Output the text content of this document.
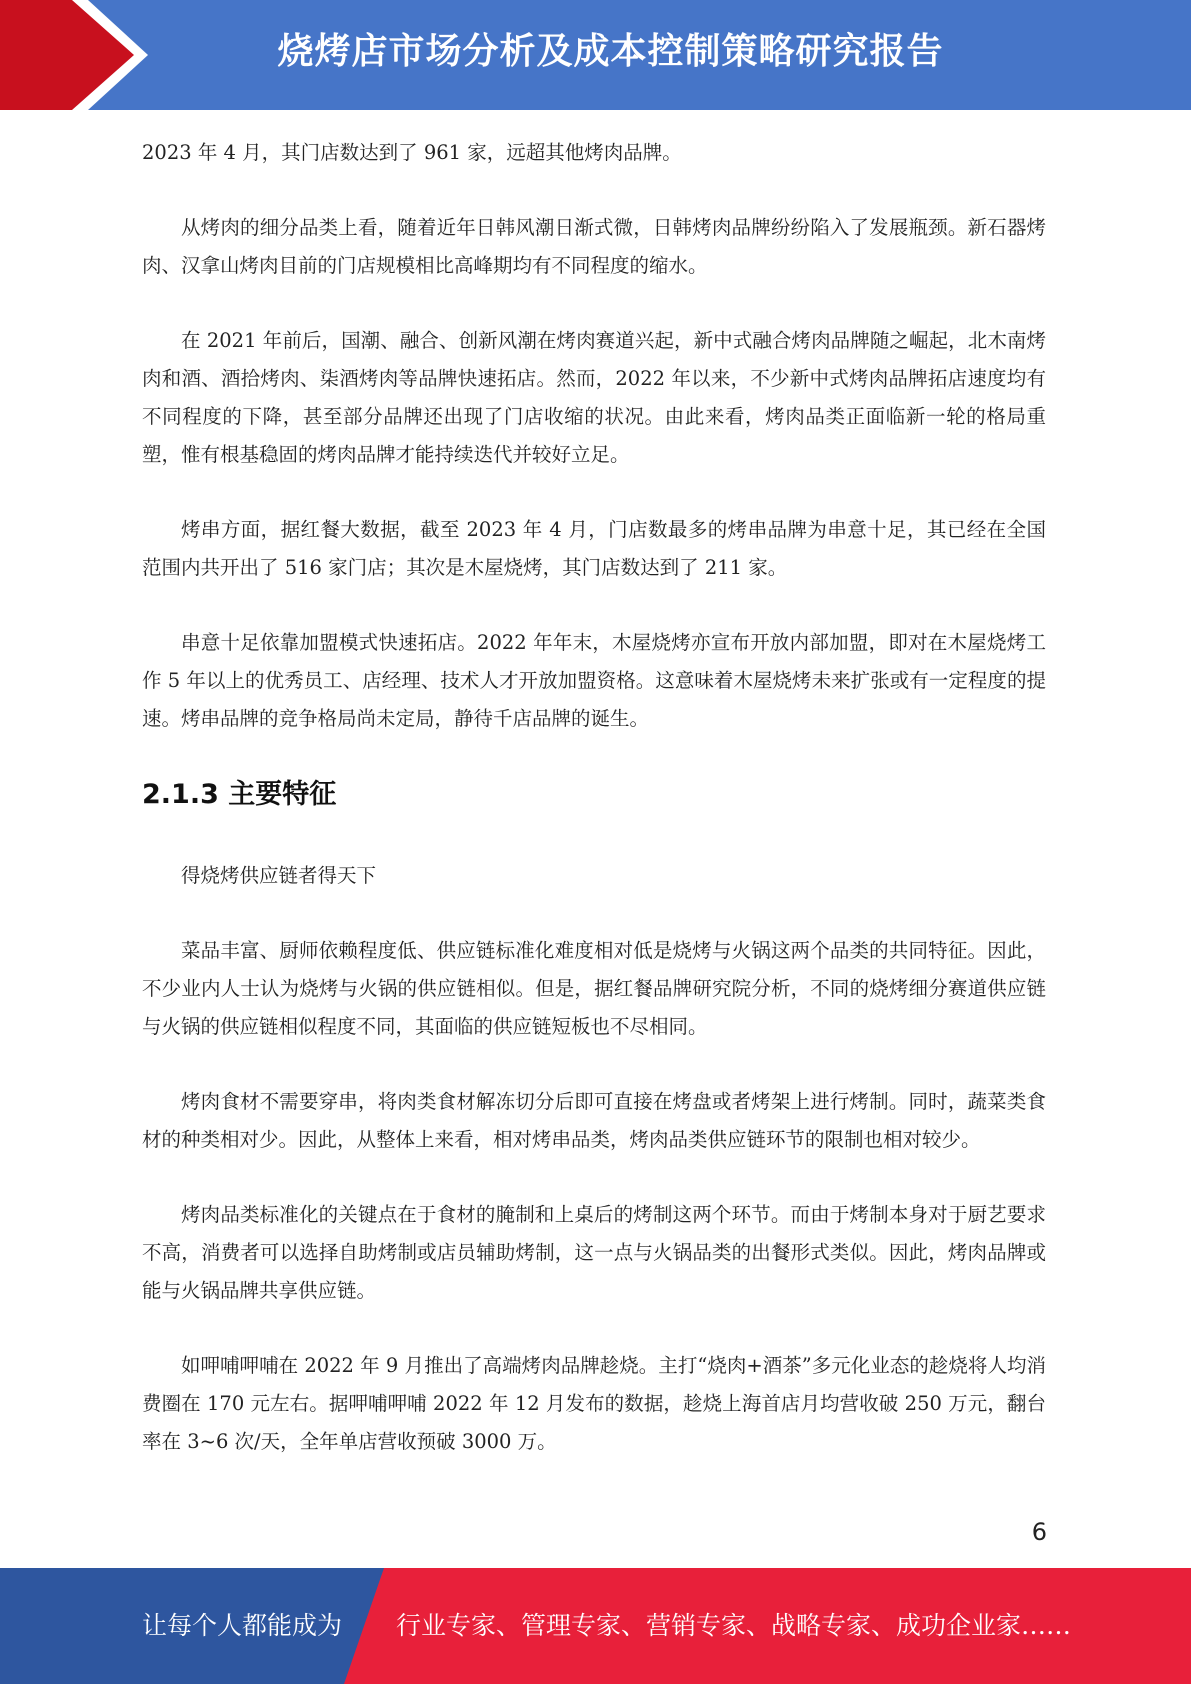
烧烤店市场分析及成本控制策略研究报告

2023 年 4 月，其门店数达到了 961 家，远超其他烤肉品牌。

从烤肉的细分品类上看，随着近年日韩风潮日渐式微，日韩烤肉品牌纷纷陷入了发展瓶颈。新石器烤肉、汉拿山烤肉目前的门店规模相比高峰期均有不同程度的缩水。

在 2021 年前后，国潮、融合、创新风潮在烤肉赛道兴起，新中式融合烤肉品牌随之崛起，北木南烤肉和酒、酒拾烤肉、柒酒烤肉等品牌快速拓店。然而，2022 年以来，不少新中式烤肉品牌拓店速度均有不同程度的下降，甚至部分品牌还出现了门店收缩的状况。由此来看，烤肉品类正面临新一轮的格局重塑，惟有根基稳固的烤肉品牌才能持续迭代并较好立足。

烤串方面，据红餐大数据，截至 2023 年 4 月，门店数最多的烤串品牌为串意十足，其已经在全国范围内共开出了 516 家门店；其次是木屋烧烤，其门店数达到了 211 家。

串意十足依靠加盟模式快速拓店。2022 年年末，木屋烧烤亦宣布开放内部加盟，即对在木屋烧烤工作 5 年以上的优秀员工、店经理、技术人才开放加盟资格。这意味着木屋烧烤未来扩张或有一定程度的提速。烤串品牌的竞争格局尚未定局，静待千店品牌的诞生。

2.1.3 主要特征

得烧烤供应链者得天下

菜品丰富、厨师依赖程度低、供应链标准化难度相对低是烧烤与火锅这两个品类的共同特征。因此，不少业内人士认为烧烤与火锅的供应链相似。但是，据红餐品牌研究院分析，不同的烧烤细分赛道供应链与火锅的供应链相似程度不同，其面临的供应链短板也不尽相同。

烤肉食材不需要穿串，将肉类食材解冻切分后即可直接在烤盘或者烤架上进行烤制。同时，蔬菜类食材的种类相对少。因此，从整体上来看，相对烤串品类，烤肉品类供应链环节的限制也相对较少。

烤肉品类标准化的关键点在于食材的腌制和上桌后的烤制这两个环节。而由于烤制本身对于厨艺要求不高，消费者可以选择自助烤制或店员辅助烤制，这一点与火锅品类的出餐形式类似。因此，烤肉品牌或能与火锅品牌共享供应链。

如呷哺呷哺在 2022 年 9 月推出了高端烤肉品牌趁烧。主打“烧肉+酒茶”多元化业态的趁烧将人均消费圈在 170 元左右。据呷哺呷哺 2022 年 12 月发布的数据，趁烧上海首店月均营收破 250 万元，翻台率在 3~6 次/天，全年单店营收预破 3000 万。

6
让每个人都能成为 行业专家、管理专家、营销专家、战略专家、成功企业家……
